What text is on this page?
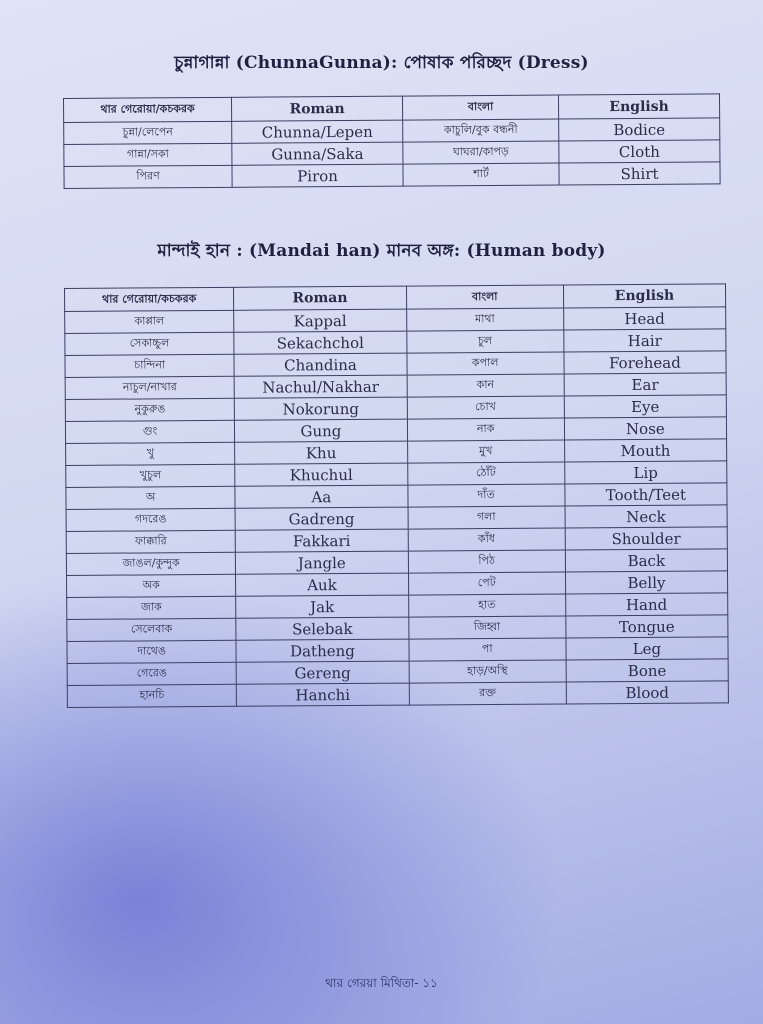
চুন্নাগান্না (ChunnaGunna): পোষাক পরিচ্ছদ (Dress)
থার গেরোয়া/কচকরক	Roman	বাংলা	English
চুন্না/লেপেন	Chunna/Lepen	কাচুলি/বুক বন্ধনী	Bodice
গান্না/সকা	Gunna/Saka	ঘাঘরা/কাপড়	Cloth
পিরণ	Piron	শার্ট	Shirt
মান্দাই হান : (Mandai han) মানব অঙ্গ: (Human body)
থার গেরোয়া/কচকরক	Roman	বাংলা	English
কাপ্পাল	Kappal	মাথা	Head
সেকাচ্চুল	Sekachchol	চুল	Hair
চান্দিনা	Chandina	কপাল	Forehead
নাচুল/নাখার	Nachul/Nakhar	কান	Ear
নুকুরুঙ	Nokorung	চোখ	Eye
গুং	Gung	নাক	Nose
খু	Khu	মুখ	Mouth
খুচুল	Khuchul	ঠোঁট	Lip
অ	Aa	দাঁত	Tooth/Teet
গদরেঙ	Gadreng	গলা	Neck
ফাক্কারি	Fakkari	কাঁধ	Shoulder
জাঙল/কুন্দুক	Jangle	পিঠ	Back
অক	Auk	পেট	Belly
জাক	Jak	হাত	Hand
সেলেবাক	Selebak	জিহ্বা	Tongue
দাথেঙ	Datheng	পা	Leg
গেরেঙ	Gereng	হাড়/অস্থি	Bone
হানচি	Hanchi	রক্ত	Blood
থার গেরয়া মিথিতা- ১১
